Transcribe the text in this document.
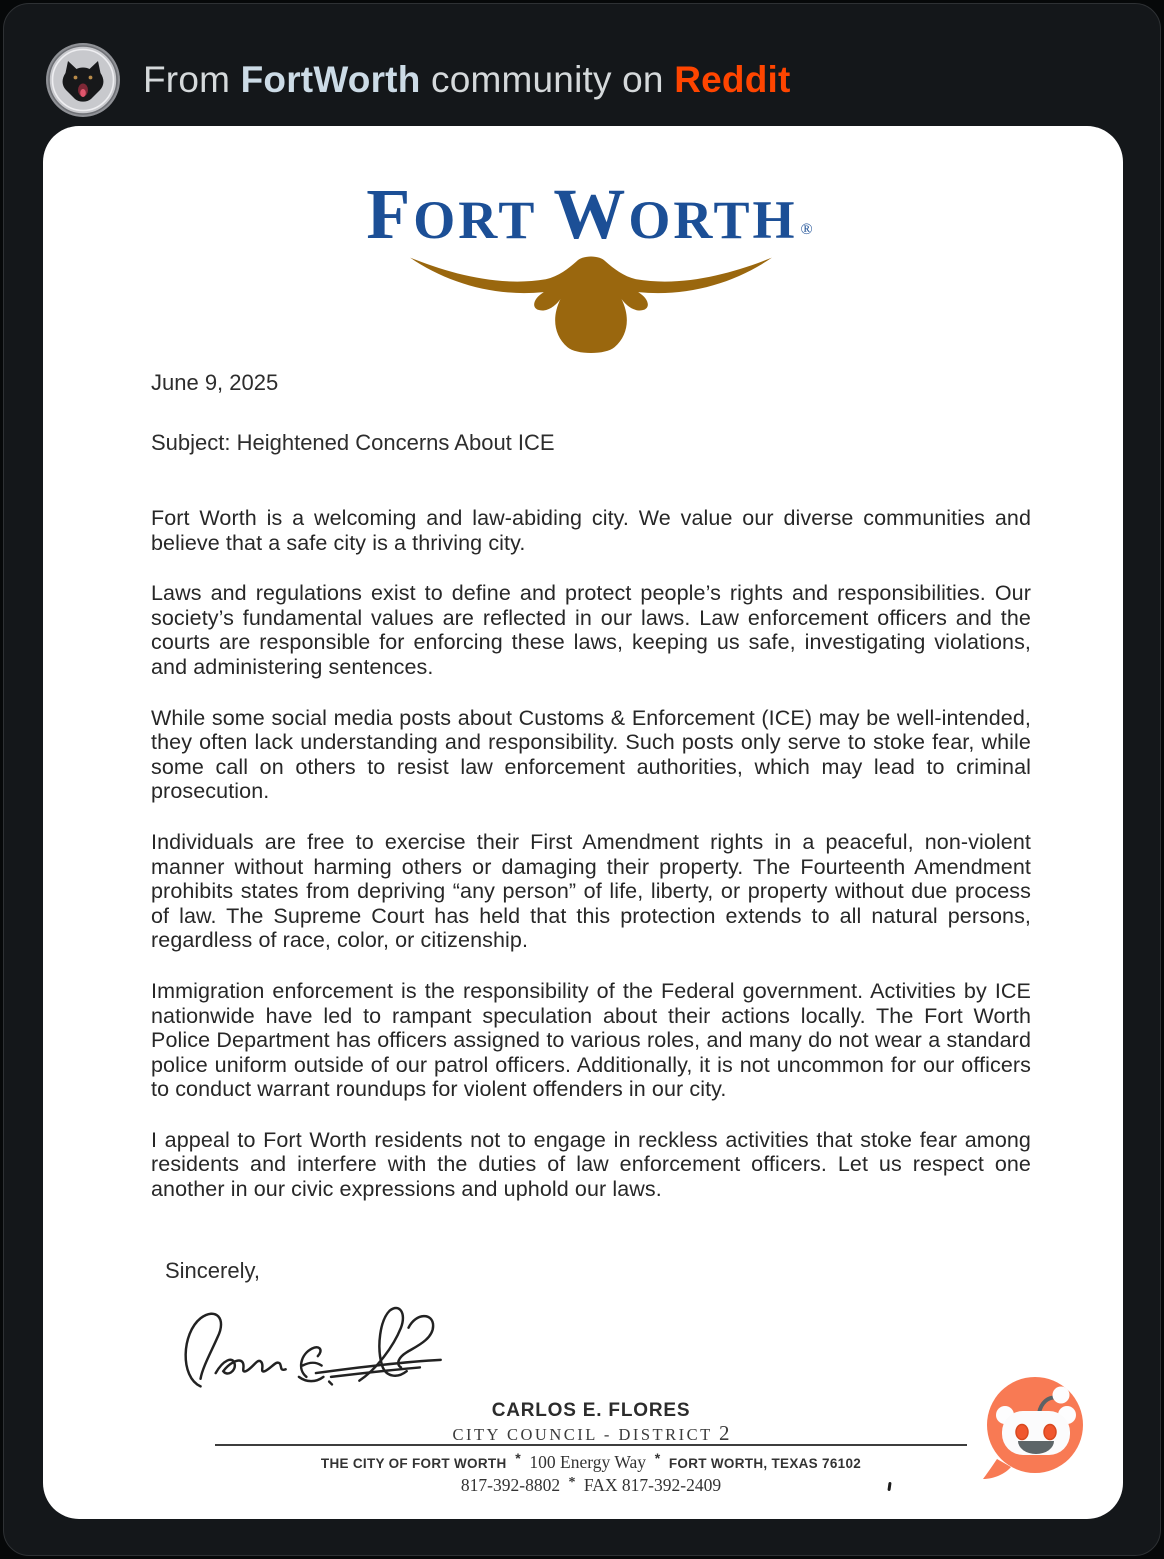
From FortWorth community on Reddit
FORT WORTH ®

June 9, 2025

Subject: Heightened Concerns About ICE

Fort Worth is a welcoming and law-abiding city. We value our diverse communities and believe that a safe city is a thriving city.

Laws and regulations exist to define and protect people’s rights and responsibilities. Our society’s fundamental values are reflected in our laws. Law enforcement officers and the courts are responsible for enforcing these laws, keeping us safe, investigating violations, and administering sentences.

While some social media posts about Customs & Enforcement (ICE) may be well-intended, they often lack understanding and responsibility. Such posts only serve to stoke fear, while some call on others to resist law enforcement authorities, which may lead to criminal prosecution.

Individuals are free to exercise their First Amendment rights in a peaceful, non-violent manner without harming others or damaging their property. The Fourteenth Amendment prohibits states from depriving “any person” of life, liberty, or property without due process of law. The Supreme Court has held that this protection extends to all natural persons, regardless of race, color, or citizenship.

Immigration enforcement is the responsibility of the Federal government. Activities by ICE nationwide have led to rampant speculation about their actions locally. The Fort Worth Police Department has officers assigned to various roles, and many do not wear a standard police uniform outside of our patrol officers. Additionally, it is not uncommon for our officers to conduct warrant roundups for violent offenders in our city.

I appeal to Fort Worth residents not to engage in reckless activities that stoke fear among residents and interfere with the duties of law enforcement officers. Let us respect one another in our civic expressions and uphold our laws.

Sincerely,

CARLOS E. FLORES
CITY COUNCIL - DISTRICT 2
THE CITY OF FORT WORTH * 100 Energy Way * FORT WORTH, TEXAS 76102
817-392-8802 * FAX 817-392-2409
